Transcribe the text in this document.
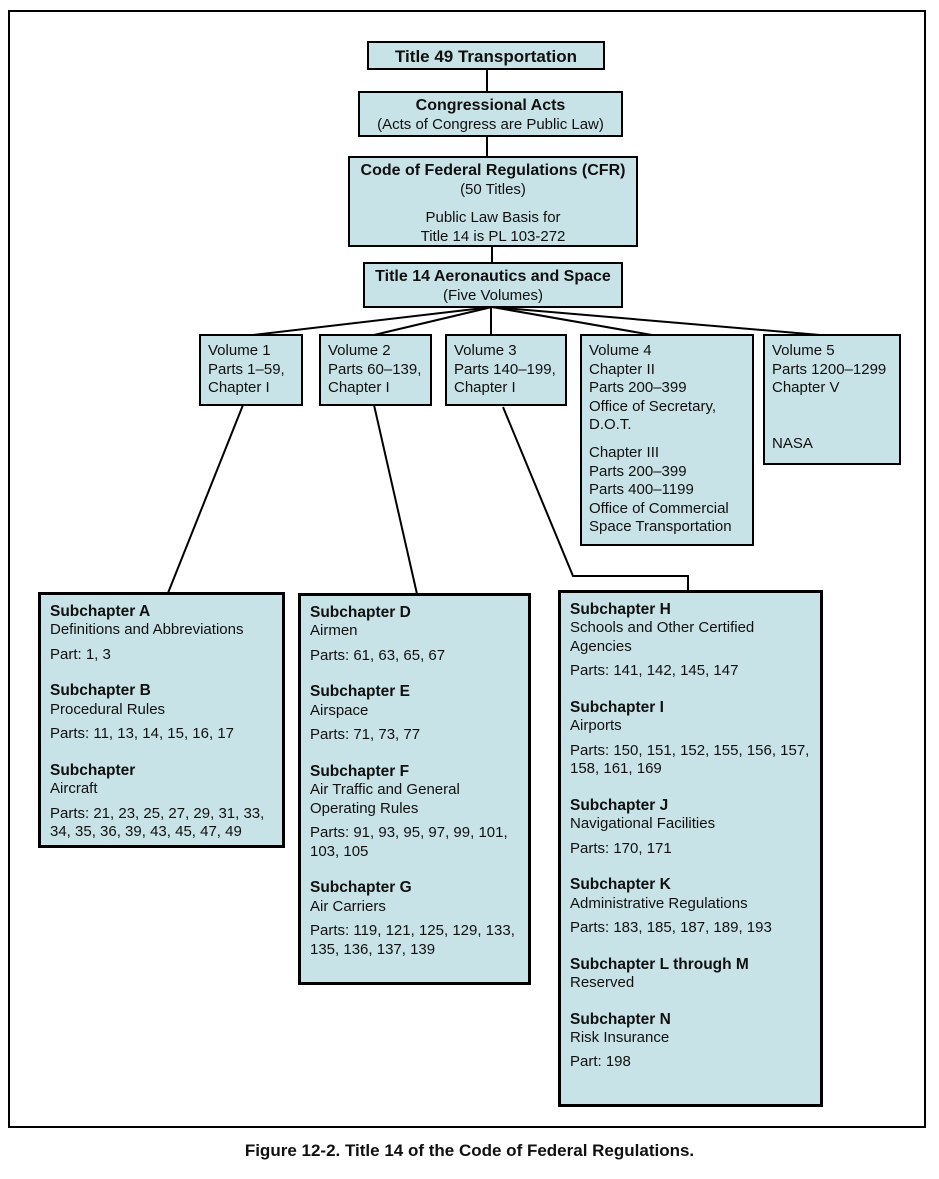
Title 49 Transportation
Congressional Acts
(Acts of Congress are Public Law)
Code of Federal Regulations (CFR)
(50 Titles)
Public Law Basis for
Title 14 is PL 103-272
Title 14 Aeronautics and Space
(Five Volumes)
Volume 1
Parts 1–59,
Chapter I
Volume 2
Parts 60–139,
Chapter I
Volume 3
Parts 140–199,
Chapter I
Volume 4
Chapter II
Parts 200–399
Office of Secretary,
D.O.T.
Chapter III
Parts 200–399
Parts 400–1199
Office of Commercial
Space Transportation
Volume 5
Parts 1200–1299
Chapter V
NASA
Subchapter A
Definitions and Abbreviations
Part: 1, 3
Subchapter B
Procedural Rules
Parts: 11, 13, 14, 15, 16, 17
Subchapter
Aircraft
Parts: 21, 23, 25, 27, 29, 31, 33, 34, 35, 36, 39, 43, 45, 47, 49
Subchapter D
Airmen
Parts: 61, 63, 65, 67
Subchapter E
Airspace
Parts: 71, 73, 77
Subchapter F
Air Traffic and General Operating Rules
Parts: 91, 93, 95, 97, 99, 101, 103, 105
Subchapter G
Air Carriers
Parts: 119, 121, 125, 129, 133, 135, 136, 137, 139
Subchapter H
Schools and Other Certified Agencies
Parts: 141, 142, 145, 147
Subchapter I
Airports
Parts: 150, 151, 152, 155, 156, 157, 158, 161, 169
Subchapter J
Navigational Facilities
Parts: 170, 171
Subchapter K
Administrative Regulations
Parts: 183, 185, 187, 189, 193
Subchapter L through M
Reserved
Subchapter N
Risk Insurance
Part: 198
Figure 12-2. Title 14 of the Code of Federal Regulations.
